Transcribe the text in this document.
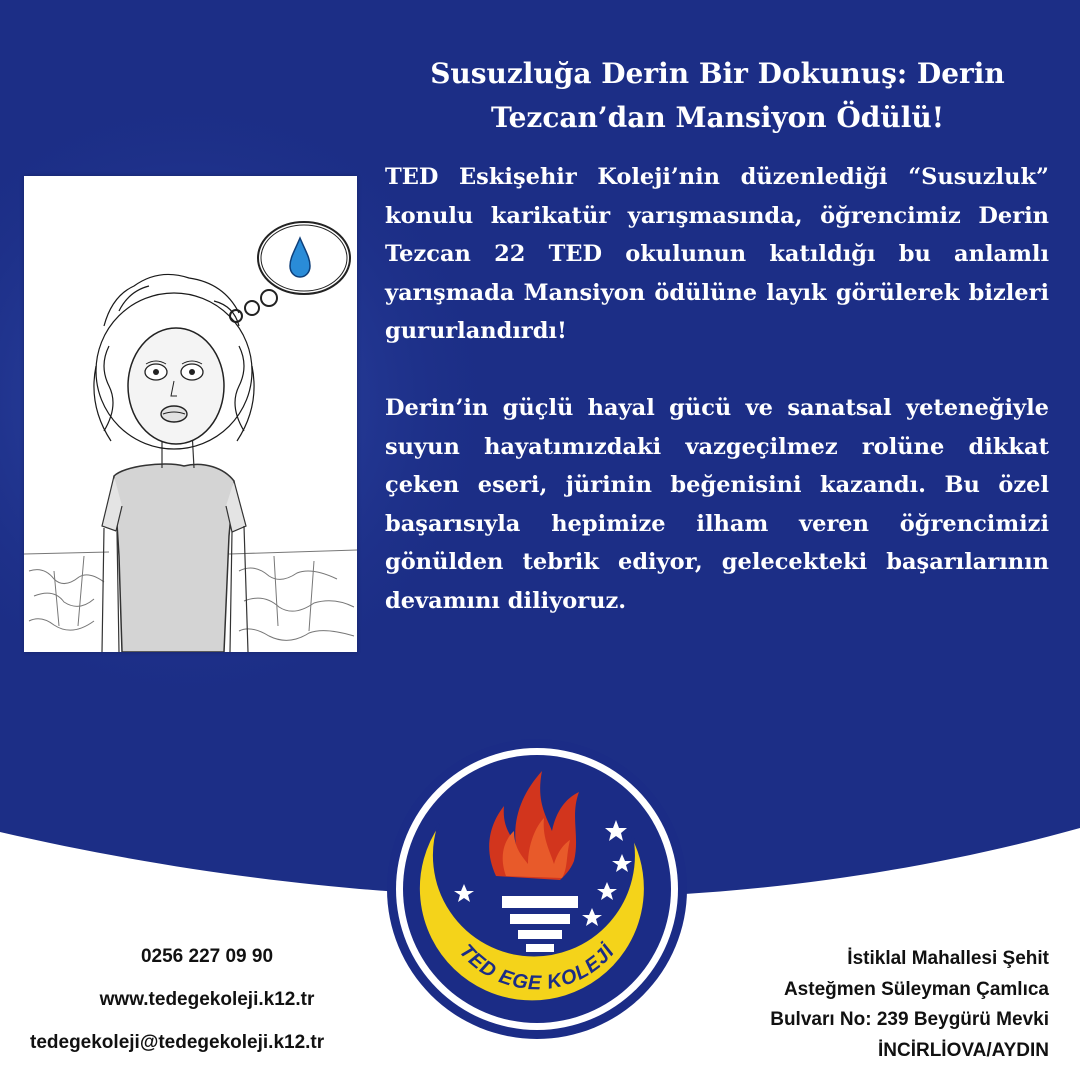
Susuzluğa Derin Bir Dokunuş: Derin Tezcan’dan Mansiyon Ödülü!

TED Eskişehir Koleji’nin düzenlediği “Susuzluk” konulu karikatür yarışmasında, öğrencimiz Derin Tezcan 22 TED okulunun katıldığı bu anlamlı yarışmada Mansiyon ödülüne layık görülerek bizleri gururlandırdı!

Derin’in güçlü hayal gücü ve sanatsal yeteneğiyle suyun hayatımızdaki vazgeçilmez rolüne dikkat çeken eseri, jürinin beğenisini kazandı. Bu özel başarısıyla hepimize ilham veren öğrencimizi gönülden tebrik ediyor, gelecekteki başarılarının devamını diliyoruz.

0256 227 09 90
www.tedegekoleji.k12.tr
tedegekoleji@tedegekoleji.k12.tr
İstiklal Mahallesi Şehit
Asteğmen Süleyman Çamlıca
Bulvarı No: 239 Beygürü Mevki
İNCİRLİOVA/AYDIN
TED EGE KOLEJİ
